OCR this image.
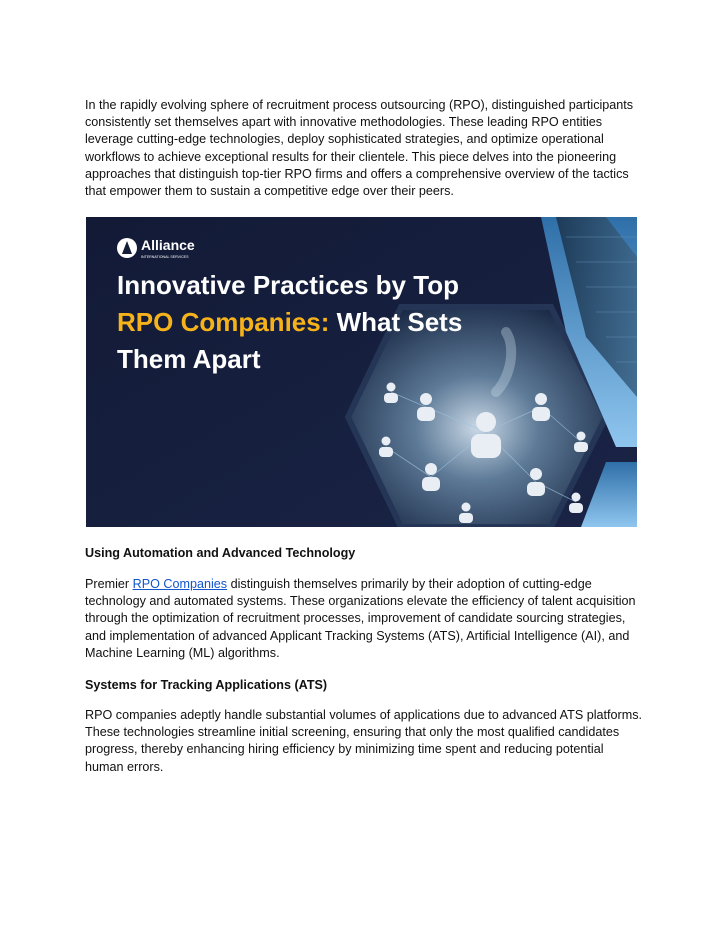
In the rapidly evolving sphere of recruitment process outsourcing (RPO), distinguished participants consistently set themselves apart with innovative methodologies. These leading RPO entities leverage cutting-edge technologies, deploy sophisticated strategies, and optimize operational workflows to achieve exceptional results for their clientele. This piece delves into the pioneering approaches that distinguish top-tier RPO firms and offers a comprehensive overview of the tactics that empower them to sustain a competitive edge over their peers.

Alliance
INTERNATIONAL SERVICES
Innovative Practices by Top
RPO Companies: What Sets
Them Apart
Using Automation and Advanced Technology

Premier RPO Companies distinguish themselves primarily by their adoption of cutting-edge technology and automated systems. These organizations elevate the efficiency of talent acquisition through the optimization of recruitment processes, improvement of candidate sourcing strategies, and implementation of advanced Applicant Tracking Systems (ATS), Artificial Intelligence (AI), and Machine Learning (ML) algorithms.

Systems for Tracking Applications (ATS)

RPO companies adeptly handle substantial volumes of applications due to advanced ATS platforms. These technologies streamline initial screening, ensuring that only the most qualified candidates progress, thereby enhancing hiring efficiency by minimizing time spent and reducing potential human errors.
